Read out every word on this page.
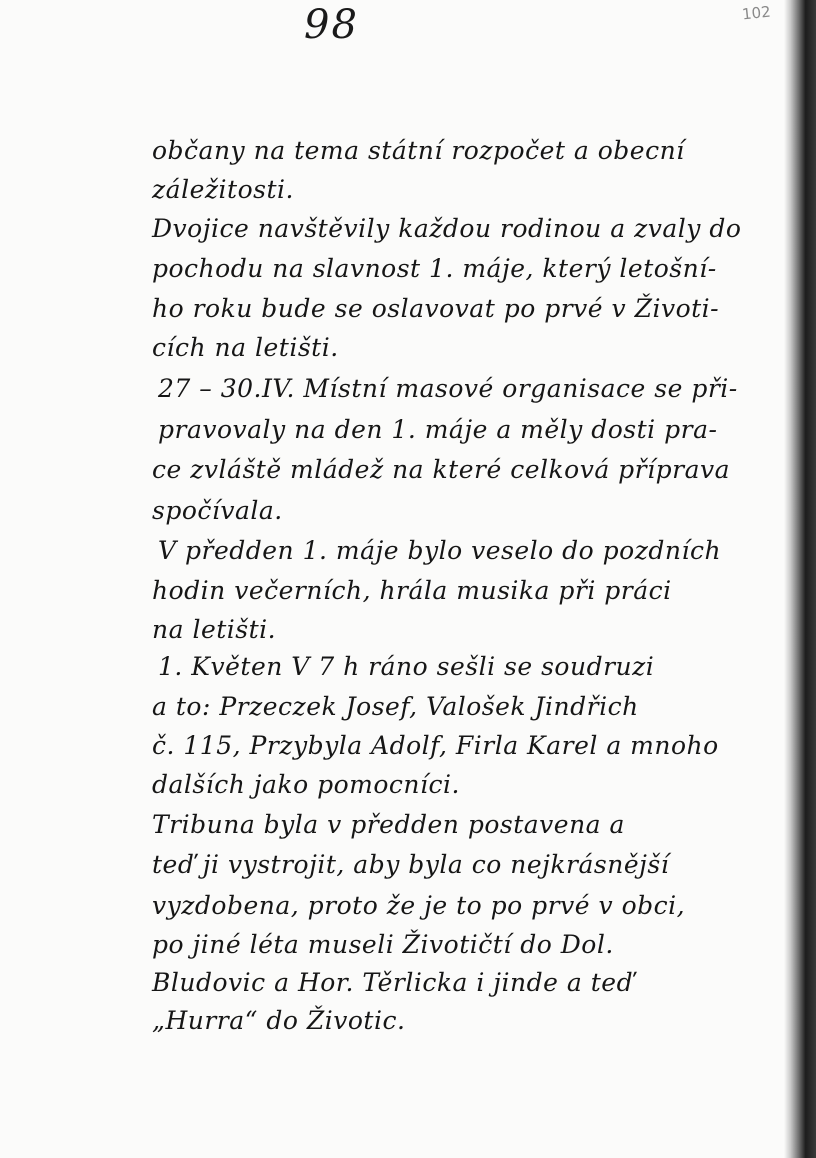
98	102
občany na tema státní rozpočet a obecní
záležitosti.
Dvojice navštěvily každou rodinou a zvaly do
pochodu na slavnost 1. máje, který letošní-
ho roku bude se oslavovat po prvé v Životi-
cích na letišti.
27 – 30.IV. Místní masové organisace se při-
pravovaly na den 1. máje a měly dosti pra-
ce zvláště mládež na které celková příprava
spočívala.
V předden 1. máje bylo veselo do pozdních
hodin večerních, hrála musika při práci
na letišti.
1. Květen V 7 h ráno sešli se soudruzi
a to: Przeczek Josef, Valošek Jindřich
č. 115, Przybyla Adolf, Firla Karel a mnoho
dalších jako pomocníci.
Tribuna byla v předden postavena a
teď ji vystrojit, aby byla co nejkrásnější
vyzdobena, proto že je to po prvé v obci,
po jiné léta museli Životičtí do Dol.
Bludovic a Hor. Těrlicka i jinde a teď
„Hurra“ do Životic.
